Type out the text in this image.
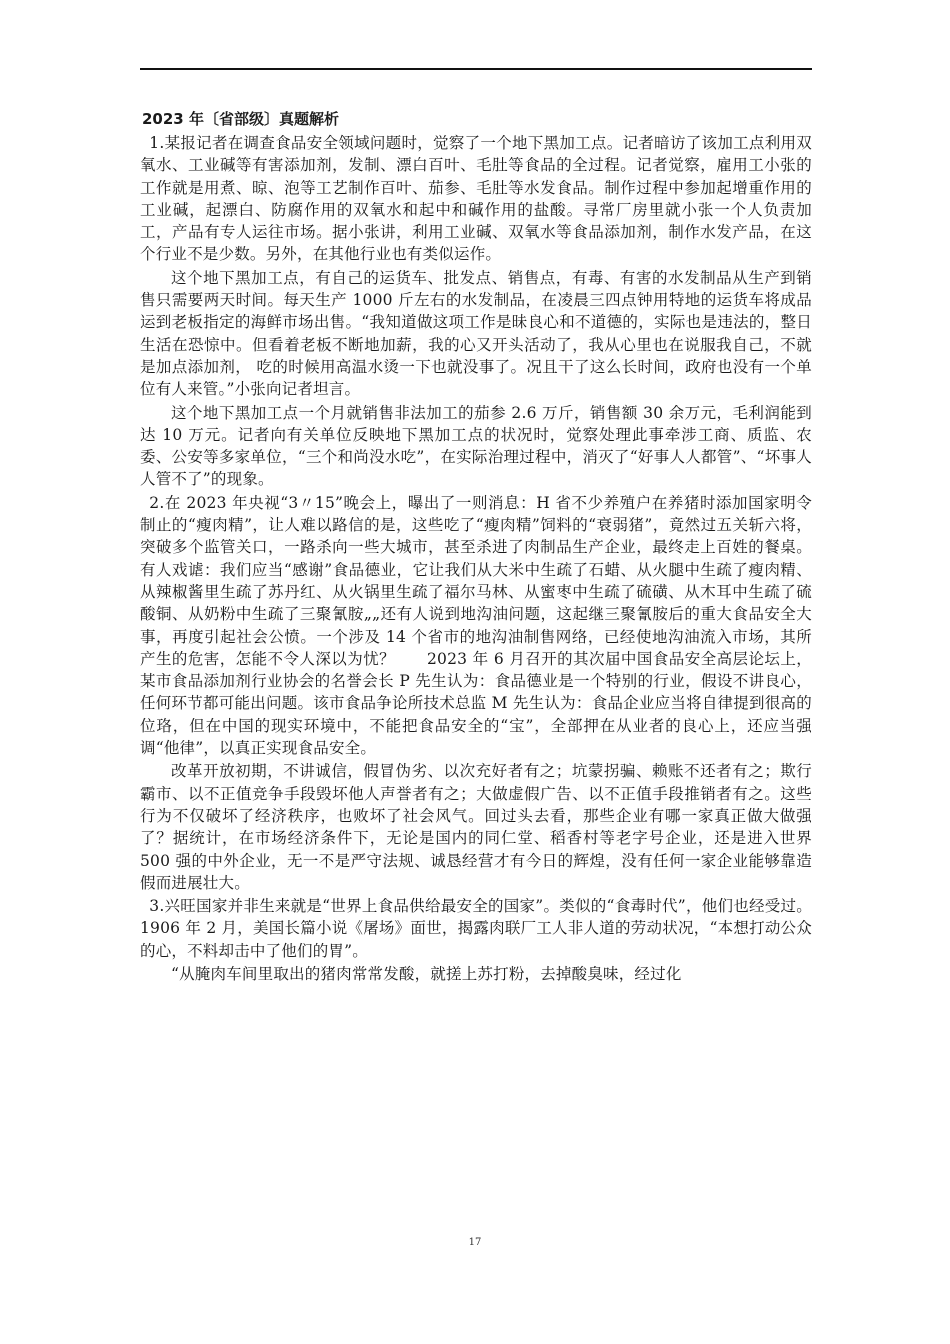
2023 年〔省部级〕真题解析

1.某报记者在调查食品安全领域问题时，觉察了一个地下黑加工点。记者暗访了该加工点利用双氧水、工业碱等有害添加剂，发制、漂白百叶、毛肚等食品的全过程。记者觉察，雇用工小张的工作就是用煮、晾、泡等工艺制作百叶、茄参、毛肚等水发食品。制作过程中参加起增重作用的工业碱，起漂白、防腐作用的双氧水和起中和碱作用的盐酸。寻常厂房里就小张一个人负责加工，产品有专人运往市场。据小张讲，利用工业碱、双氧水等食品添加剂，制作水发产品，在这个行业不是少数。另外，在其他行业也有类似运作。

这个地下黑加工点，有自己的运货车、批发点、销售点，有毒、有害的水发制品从生产到销售只需要两天时间。每天生产 1000 斤左右的水发制品，在凌晨三四点钟用特地的运货车将成品运到老板指定的海鲜市场出售。“我知道做这项工作是昧良心和不道德的，实际也是违法的，整日生活在恐惊中。但看着老板不断地加薪，我的心又开头活动了，我从心里也在说服我自己，不就是加点添加剂， 吃的时候用高温水烫一下也就没事了。况且干了这么长时间，政府也没有一个单位有人来管。”小张向记者坦言。

这个地下黑加工点一个月就销售非法加工的茄参 2.6 万斤，销售额 30 余万元，毛利润能到达 10 万元。记者向有关单位反映地下黑加工点的状况时，觉察处理此事牵涉工商、质监、农委、公安等多家单位，“三个和尚没水吃”，在实际治理过程中，消灭了“好事人人都管”、“坏事人人管不了”的现象。

2.在 2023 年央视“3〃15”晚会上，曝出了一则消息：H 省不少养殖户在养猪时添加国家明令制止的“瘦肉精”，让人难以路信的是，这些吃了“瘦肉精”饲料的“衰弱猪”，竟然过五关斩六将，突破多个监管关口，一路杀向一些大城市，甚至杀进了肉制品生产企业，最终走上百姓的餐桌。有人戏谑：我们应当“感谢”食品德业，它让我们从大米中生疏了石蜡、从火腿中生疏了瘦肉精、从辣椒酱里生疏了苏丹红、从火锅里生疏了福尔马林、从蜜枣中生疏了硫磺、从木耳中生疏了硫酸铜、从奶粉中生疏了三聚氰胺„„还有人说到地沟油问题，这起继三聚氰胺后的重大食品安全大事，再度引起社会公愤。一个涉及 14 个省市的地沟油制售网络，已经使地沟油流入市场，其所产生的危害，怎能不令人深以为忧？　　2023 年 6 月召开的其次届中国食品安全高层论坛上，某市食品添加剂行业协会的名誉会长 P 先生认为：食品德业是一个特别的行业，假设不讲良心， 任何环节都可能出问题。该市食品争论所技术总监 M 先生认为：食品企业应当将自律提到很高的位珞，但在中国的现实环境中，不能把食品安全的“宝”，全部押在从业者的良心上，还应当强调“他律”，以真正实现食品安全。

改革开放初期，不讲诚信，假冒伪劣、以次充好者有之；坑蒙拐骗、赖账不还者有之；欺行霸市、以不正值竞争手段毁坏他人声誉者有之；大做虚假广告、以不正值手段推销者有之。这些行为不仅破坏了经济秩序，也败坏了社会风气。回过头去看，那些企业有哪一家真正做大做强了？据统计，在市场经济条件下，无论是国内的同仁堂、稻香村等老字号企业，还是进入世界 500 强的中外企业，无一不是严守法规、诚恳经营才有今日的辉煌，没有任何一家企业能够靠造假而进展壮大。

3.兴旺国家并非生来就是“世界上食品供给最安全的国家”。类似的“食毒时代”，他们也经受过。1906 年 2 月，美国长篇小说《屠场》面世，揭露肉联厂工人非人道的劳动状况，“本想打动公众的心，不料却击中了他们的胃”。

“从腌肉车间里取出的猪肉常常发酸，就搓上苏打粉，去掉酸臭味，经过化

17
